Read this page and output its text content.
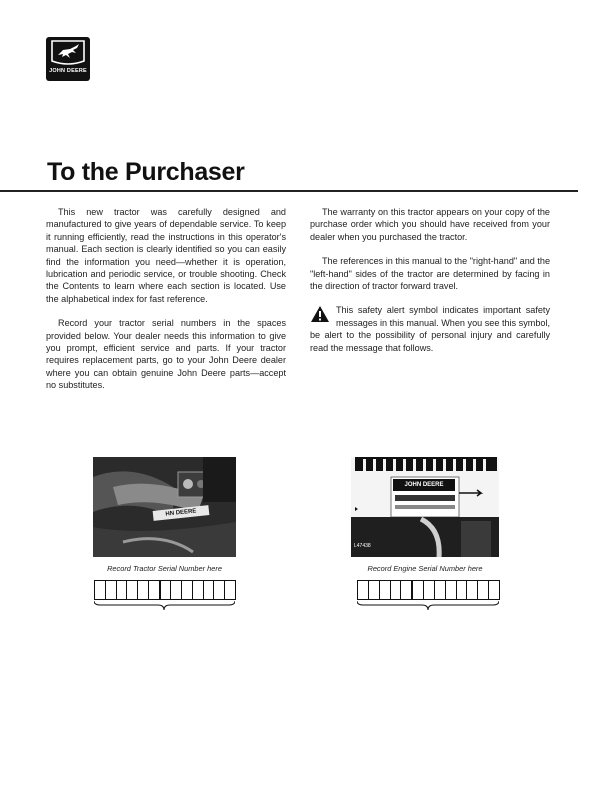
JOHN DEERE
To the Purchaser

This new tractor was carefully designed and manufactured to give years of dependable service. To keep it running efficiently, read the instructions in this operator's manual. Each section is clearly identified so you can easily find the information you need—whether it is operation, lubrication and periodic service, or trouble shooting. Check the Contents to learn where each section is located. Use the alphabetical index for fast reference.

Record your tractor serial numbers in the spaces provided below. Your dealer needs this information to give you prompt, efficient service and parts. If your tractor requires replacement parts, go to your John Deere dealer where you can obtain genuine John Deere parts—accept no substitutes.

The warranty on this tractor appears on your copy of the purchase order which you should have received from your dealer when you purchased the tractor.

The references in this manual to the "right-hand" and the "left-hand" sides of the tractor are determined by facing in the direction of tractor forward travel.

This safety alert symbol indicates important safety messages in this manual. When you see this symbol, be alert to the possibility of personal injury and carefully read the message that follows.

HN DEERE
Record Tractor Serial Number here
JOHN DEERE
L47438
Record Engine Serial Number here
